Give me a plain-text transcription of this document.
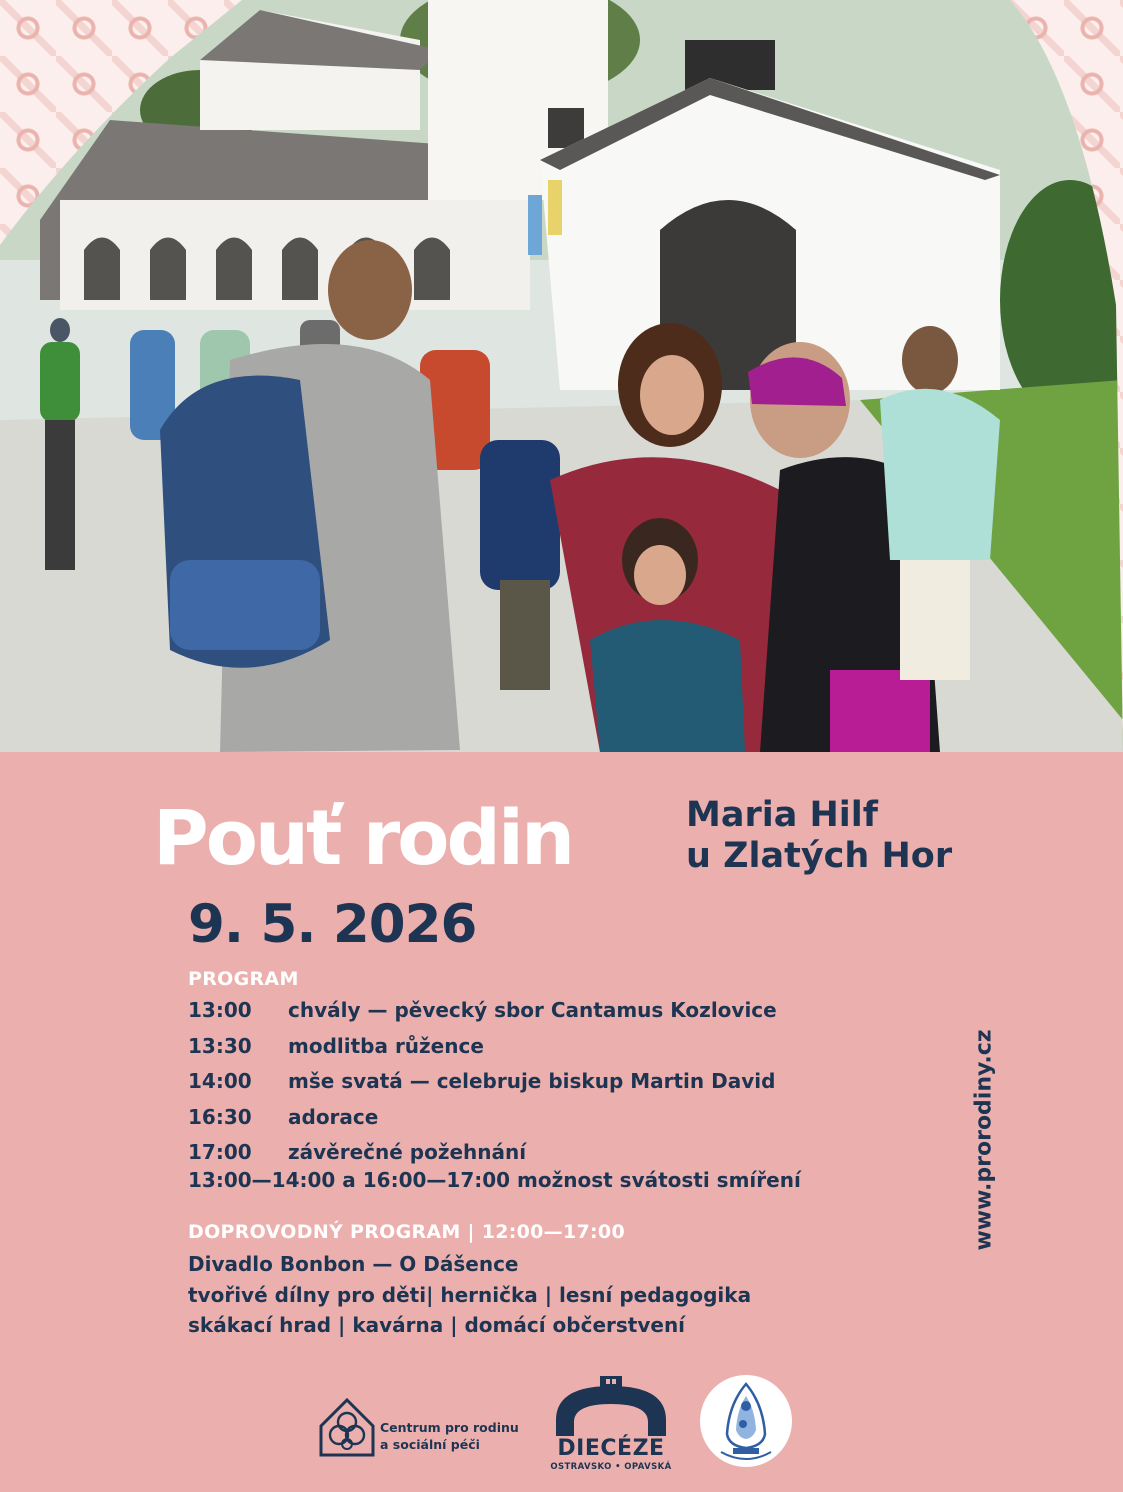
Pouť rodin	Maria Hilf
u Zlatých Hor
9. 5. 2026
PROGRAM
13:00 chvály — pěvecký sbor Cantamus Kozlovice
13:30 modlitba růžence
14:00 mše svatá — celebruje biskup Martin David
16:30 adorace
17:00 závěrečné požehnání
13:00—14:00 a 16:00—17:00 možnost svátosti smíření
DOPROVODNÝ PROGRAM | 12:00—17:00
Divadlo Bonbon — O Dášence
tvořivé dílny pro děti| hernička | lesní pedagogika
skákací hrad | kavárna | domácí občerstvení
www.prorodiny.cz
Centrum pro rodinu
a sociální péči	DIECÉZE
OSTRAVSKO • OPAVSKÁ
